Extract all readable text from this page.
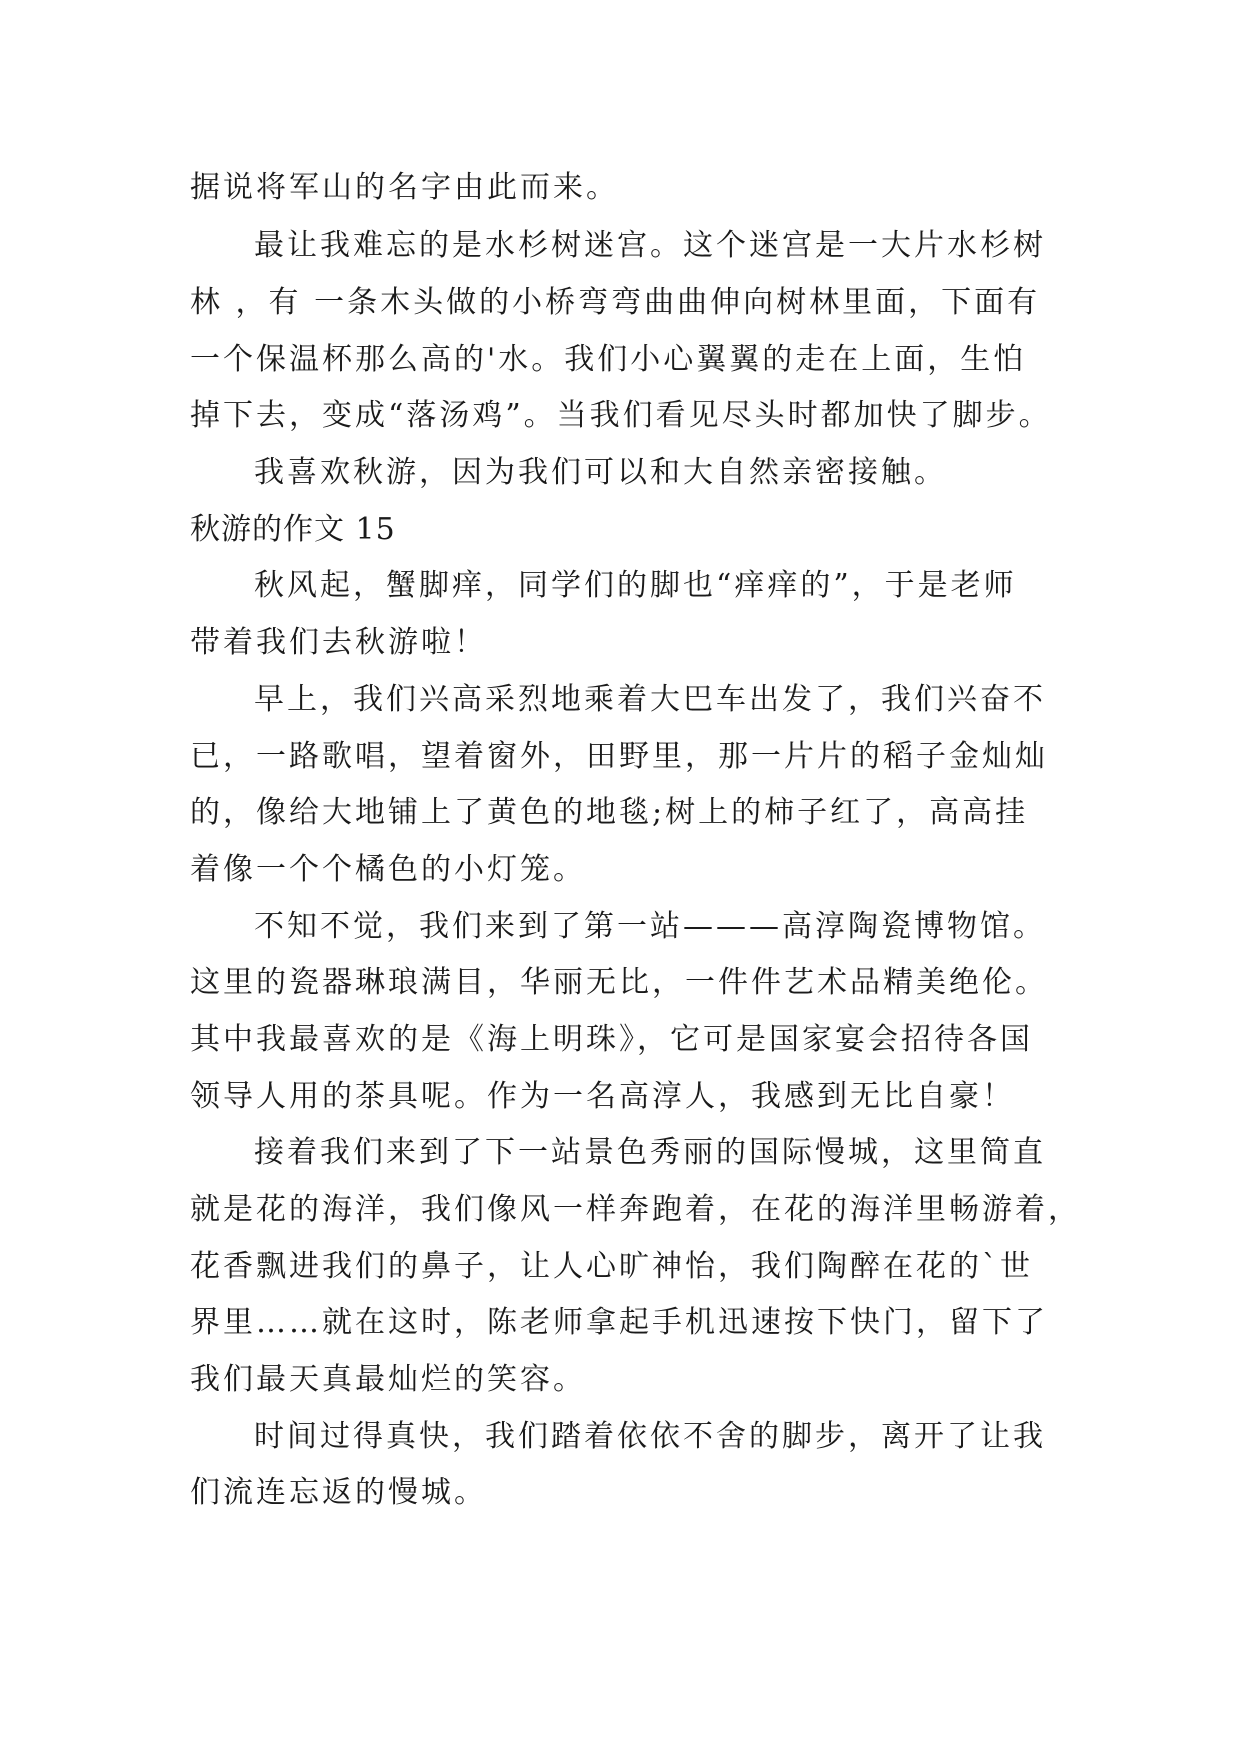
据说将军山的名字由此而来。
最让我难忘的是水杉树迷宫。这个迷宫是一大片水杉树
林 ，有 一条木头做的小桥弯弯曲曲伸向树林里面，下面有
一个保温杯那么高的'水。我们小心翼翼的走在上面，生怕
掉下去，变成“落汤鸡”。当我们看见尽头时都加快了脚步。
我喜欢秋游，因为我们可以和大自然亲密接触。
秋游的作文 15
秋风起，蟹脚痒，同学们的脚也“痒痒的”，于是老师
带着我们去秋游啦！
早上，我们兴高采烈地乘着大巴车出发了，我们兴奋不
已，一路歌唱，望着窗外，田野里，那一片片的稻子金灿灿
的，像给大地铺上了黄色的地毯;树上的柿子红了，高高挂
着像一个个橘色的小灯笼。
不知不觉，我们来到了第一站———高淳陶瓷博物馆。
这里的瓷器琳琅满目，华丽无比，一件件艺术品精美绝伦。
其中我最喜欢的是《海上明珠》，它可是国家宴会招待各国
领导人用的茶具呢。作为一名高淳人，我感到无比自豪！
接着我们来到了下一站景色秀丽的国际慢城，这里简直
就是花的海洋，我们像风一样奔跑着，在花的海洋里畅游着，
花香飘进我们的鼻子，让人心旷神怡，我们陶醉在花的`世
界里……就在这时，陈老师拿起手机迅速按下快门，留下了
我们最天真最灿烂的笑容。
时间过得真快，我们踏着依依不舍的脚步，离开了让我
们流连忘返的慢城。
